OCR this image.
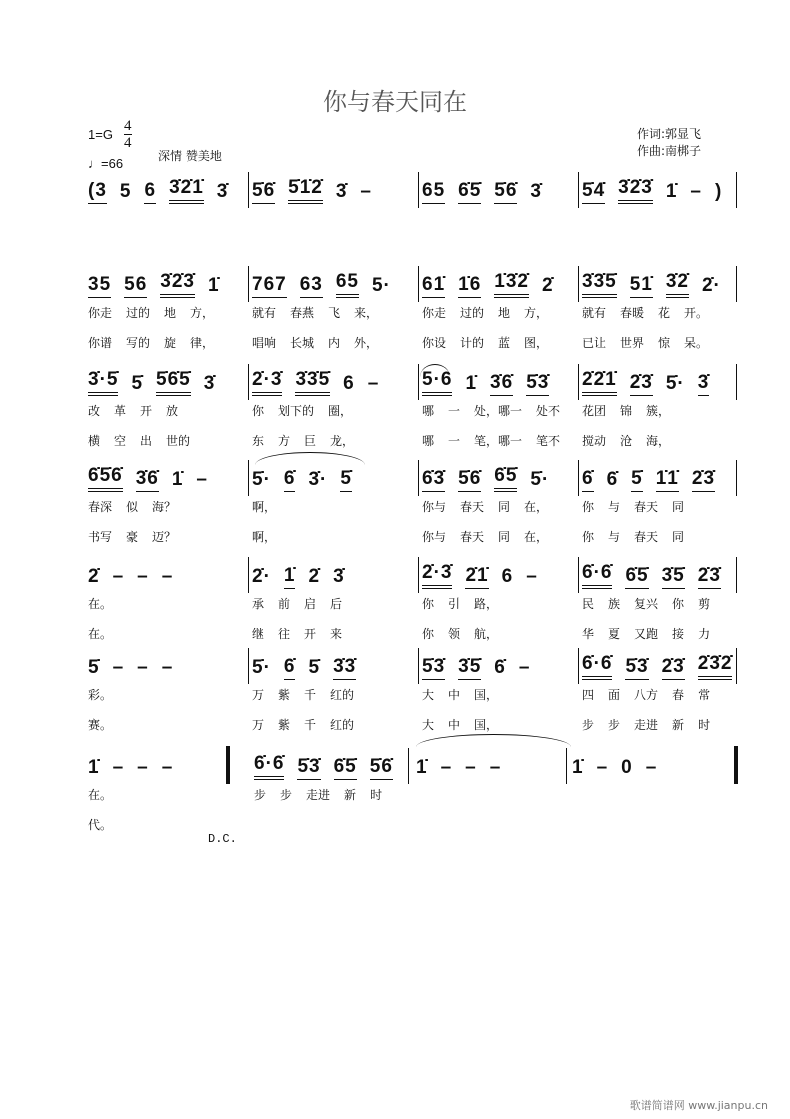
你与春天同在
1=G
4
4
♩=66	深情 赞美地
作词:郭显飞
作曲:南梆子
(3 5 6 3̇2̇1̇ 3̇ 5̇6̇ 5̇1̇2̇ 3̇ –	65 6̇5̇ 5̇6̇ 3̇ 5̇4̇ 3̇2̇3̇ 1̇ – )
35 56 3̇2̇3̇ 1̇
你走 过的 地 方，
你谱 写的 旋 律，
767 63 65 5·
就有 春燕 飞 来，
唱响 长城 内 外，
61̇ 1̇6 1̇3̇2̇ 2̇
你走 过的 地 方，
你设 计的 蓝 图，
3̇3̇5̇ 51̇ 3̇2̇ 2̇·
就有 春暖 花 开。
已让 世界 惊 呆。
3̇·5̇ 5̇ 5̇6̇5̇ 3̇
改 革 开 放
横 空 出 世的
2̇·3̇ 3̇3̇5̇ 6 –
你 划下的 圈，
东 方 巨 龙，
5·6 1̇ 3̇6̇ 5̇3̇
哪 一 处，哪一 处不
哪 一 笔，哪一 笔不
2̇2̇1̇ 2̇3̇ 5̇· 3̇
花团 锦 簇，
搅动 沧 海，
6̇5̇6̇ 3̇6̇ 1̇ –
春深 似 海？
书写 豪 迈？
5̇· 6̇ 3̇· 5̇
啊，
啊，
6̇3̇ 5̇6̇ 6̇5̇ 5̇·
你与 春天 同 在，
你与 春天 同 在，
6̇ 6̇ 5̇ 1̇1̇ 2̇3̇
你 与 春天 同
你 与 春天 同
2̇ – – –
在。
在。
2̇· 1̇ 2̇ 3̇
承 前 启 后
继 往 开 来
2̇·3̇ 2̇1̇ 6 –
你 引 路，
你 领 航，
6̇·6̇ 6̇5̇ 3̇5̇ 2̇3̇
民 族 复兴 你 剪
华 夏 又跑 接 力
5̇ – – –
彩。
赛。
5̇· 6̇ 5̇ 3̇3̇
万 紫 千 红的
万 紫 千 红的
5̇3̇ 3̇5̇ 6̇ –
大 中 国，
大 中 国，
6̇·6̇ 5̇3̇ 2̇3̇ 2̇3̇2̇
四 面 八方 春 常
步 步 走进 新 时
1̇ – – –
在。
代。
6̇·6̇ 5̇3̇ 6̇5̇ 5̇6̇
步 步 走进 新 时
1̇ – – –	1̇ – 0 –
D.C.
歌谱简谱网 www.jianpu.cn
